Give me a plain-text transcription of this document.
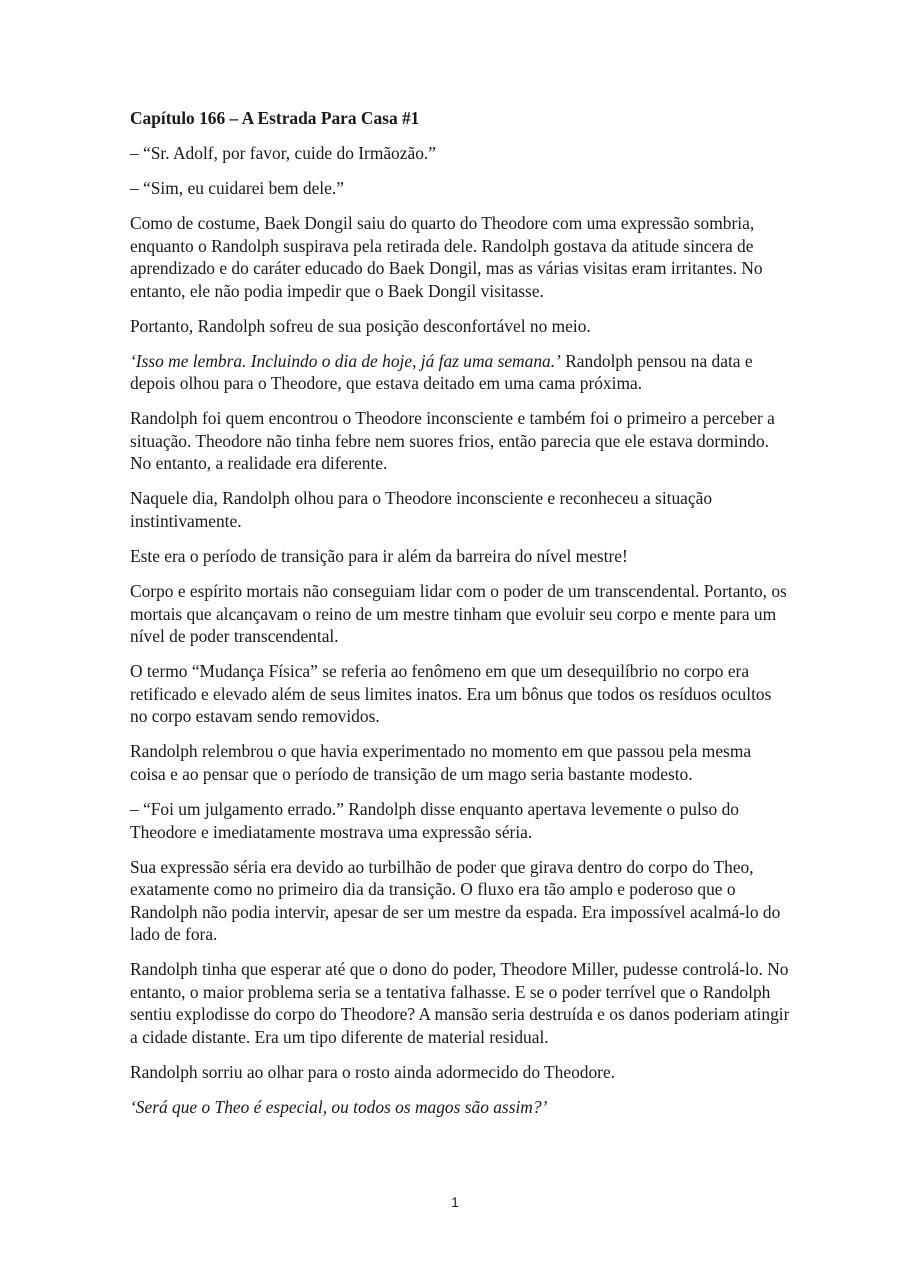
Capítulo 166 – A Estrada Para Casa #1

– “Sr. Adolf, por favor, cuide do Irmãozão.”

– “Sim, eu cuidarei bem dele.”

Como de costume, Baek Dongil saiu do quarto do Theodore com uma expressão sombria, enquanto o Randolph suspirava pela retirada dele. Randolph gostava da atitude sincera de aprendizado e do caráter educado do Baek Dongil, mas as várias visitas eram irritantes. No entanto, ele não podia impedir que o Baek Dongil visitasse.

Portanto, Randolph sofreu de sua posição desconfortável no meio.

‘Isso me lembra. Incluindo o dia de hoje, já faz uma semana.’ Randolph pensou na data e depois olhou para o Theodore, que estava deitado em uma cama próxima.

Randolph foi quem encontrou o Theodore inconsciente e também foi o primeiro a perceber a situação. Theodore não tinha febre nem suores frios, então parecia que ele estava dormindo. No entanto, a realidade era diferente.

Naquele dia, Randolph olhou para o Theodore inconsciente e reconheceu a situação instintivamente.

Este era o período de transição para ir além da barreira do nível mestre!

Corpo e espírito mortais não conseguiam lidar com o poder de um transcendental. Portanto, os mortais que alcançavam o reino de um mestre tinham que evoluir seu corpo e mente para um nível de poder transcendental.

O termo “Mudança Física” se referia ao fenômeno em que um desequilíbrio no corpo era retificado e elevado além de seus limites inatos. Era um bônus que todos os resíduos ocultos no corpo estavam sendo removidos.

Randolph relembrou o que havia experimentado no momento em que passou pela mesma coisa e ao pensar que o período de transição de um mago seria bastante modesto.

– “Foi um julgamento errado.” Randolph disse enquanto apertava levemente o pulso do Theodore e imediatamente mostrava uma expressão séria.

Sua expressão séria era devido ao turbilhão de poder que girava dentro do corpo do Theo, exatamente como no primeiro dia da transição. O fluxo era tão amplo e poderoso que o Randolph não podia intervir, apesar de ser um mestre da espada. Era impossível acalmá-lo do lado de fora.

Randolph tinha que esperar até que o dono do poder, Theodore Miller, pudesse controlá-lo. No entanto, o maior problema seria se a tentativa falhasse. E se o poder terrível que o Randolph sentiu explodisse do corpo do Theodore? A mansão seria destruída e os danos poderiam atingir a cidade distante. Era um tipo diferente de material residual.

Randolph sorriu ao olhar para o rosto ainda adormecido do Theodore.

‘Será que o Theo é especial, ou todos os magos são assim?’

1
